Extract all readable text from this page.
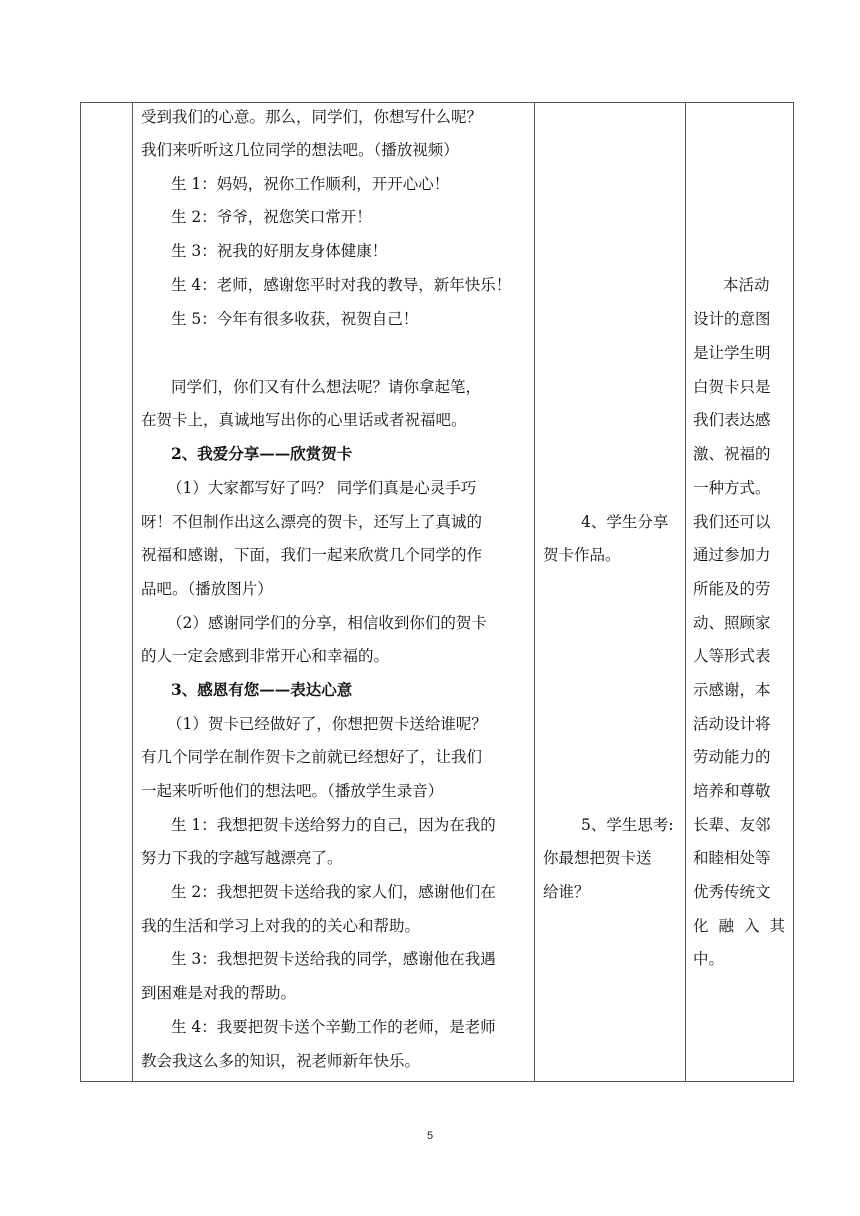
受到我们的心意。那么，同学们，你想写什么呢？
我们来听听这几位同学的想法吧。（播放视频）
生 1：妈妈，祝你工作顺利，开开心心！
生 2：爷爷，祝您笑口常开！
生 3：祝我的好朋友身体健康！
生 4：老师，感谢您平时对我的教导，新年快乐！
生 5：今年有很多收获，祝贺自己！
同学们，你们又有什么想法呢？请你拿起笔，
在贺卡上，真诚地写出你的心里话或者祝福吧。
2、我爱分享——欣赏贺卡
（1）大家都写好了吗？ 同学们真是心灵手巧
呀！不但制作出这么漂亮的贺卡，还写上了真诚的
祝福和感谢，下面，我们一起来欣赏几个同学的作
品吧。（播放图片）
（2）感谢同学们的分享，相信收到你们的贺卡
的人一定会感到非常开心和幸福的。
3、感恩有您——表达心意
（1）贺卡已经做好了，你想把贺卡送给谁呢？
有几个同学在制作贺卡之前就已经想好了，让我们
一起来听听他们的想法吧。（播放学生录音）
生 1：我想把贺卡送给努力的自己，因为在我的
努力下我的字越写越漂亮了。
生 2：我想把贺卡送给我的家人们，感谢他们在
我的生活和学习上对我的的关心和帮助。
生 3：我想把贺卡送给我的同学，感谢他在我遇
到困难是对我的帮助。
生 4：我要把贺卡送个辛勤工作的老师，是老师
教会我这么多的知识，祝老师新年快乐。
4、学生分享
贺卡作品。
5、学生思考:
你最想把贺卡送
给谁？
本活动
设计的意图
是让学生明
白贺卡只是
我们表达感
激、祝福的
一种方式。
我们还可以
通过参加力
所能及的劳
动、照顾家
人等形式表
示感谢，本
活动设计将
劳动能力的
培养和尊敬
长辈、友邻
和睦相处等
优秀传统文
化融入其
中。
5
